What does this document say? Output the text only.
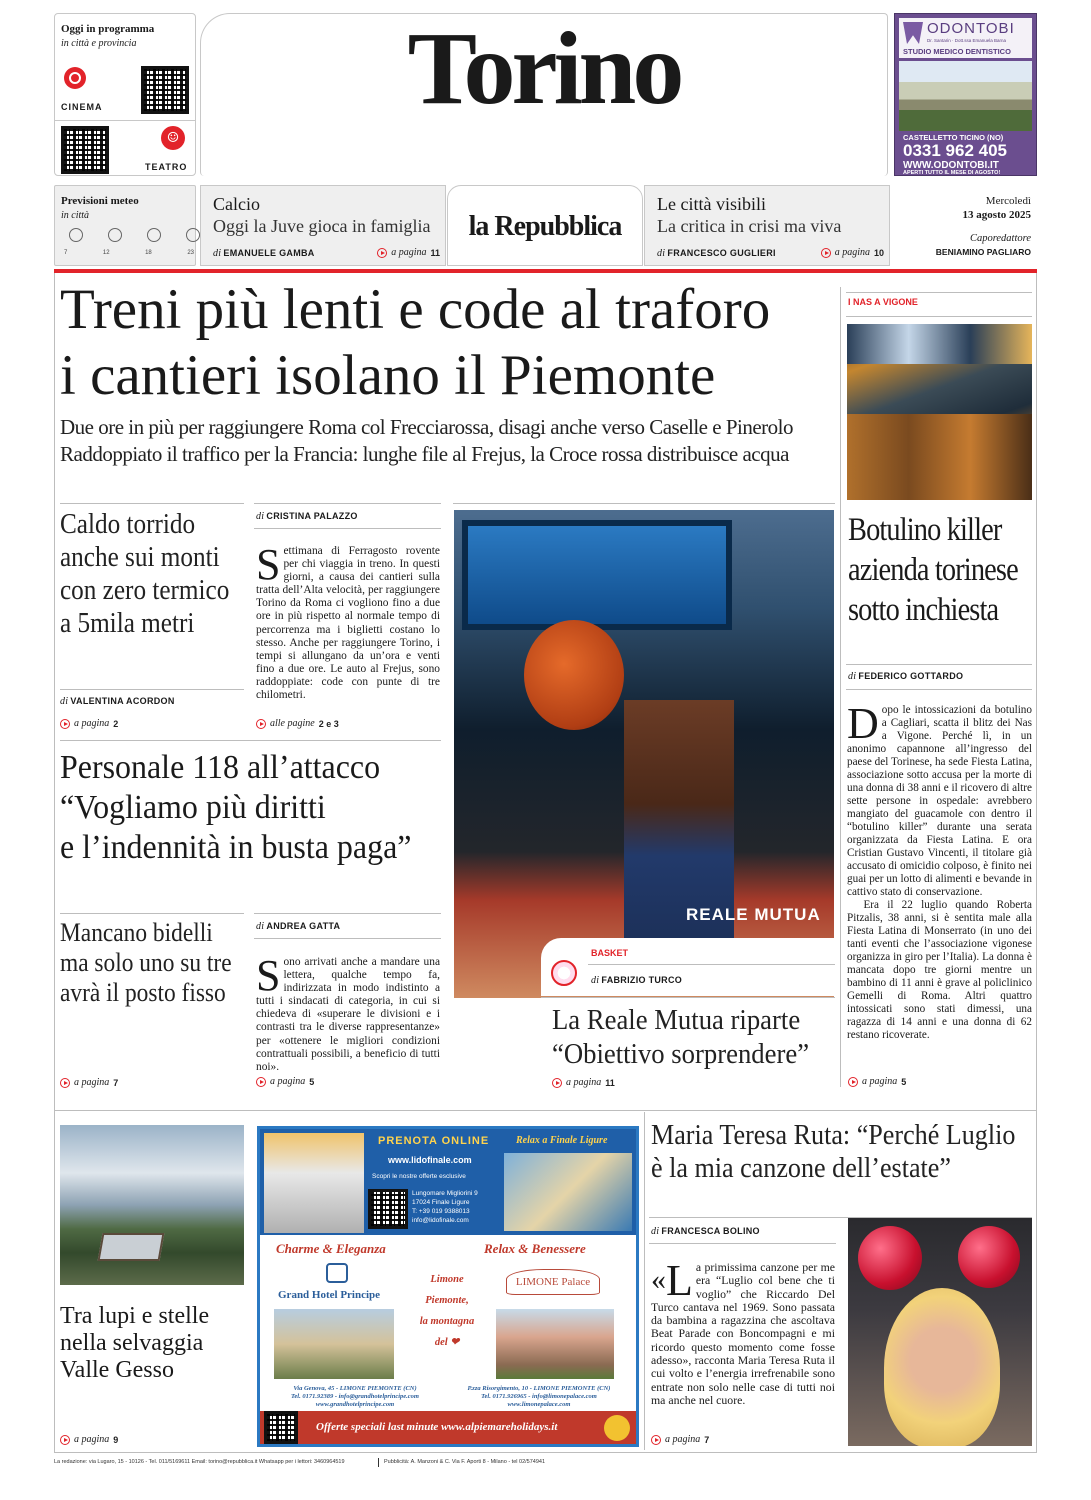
Oggi in programma
in città e provincia
CINEMA
☺
TEATRO
Torino	ODONTOBI
Dr. Santarin · Dott.ssa Emanuela Barna
STUDIO MEDICO DENTISTICO
CASTELLETTO TICINO (NO)
0331 962 405
WWW.ODONTOBI.IT
APERTI TUTTO IL MESE DI AGOSTO!
Previsioni meteo
in città
7	12	18	23
Calcio
Oggi la Juve gioca in famiglia
di EMANUELE GAMBA	a pagina 11
la Repubblica
Le città visibili
La critica in crisi ma viva
di FRANCESCO GUGLIERI	a pagina 10
Mercoledì
13 agosto 2025
Caporedattore
BENIAMINO PAGLIARO
Treni più lenti e code al traforo
i cantieri isolano il Piemonte
Due ore in più per raggiungere Roma col Frecciarossa, disagi anche verso Caselle e Pinerolo
Raddoppiato il traffico per la Francia: lunghe file al Frejus, la Croce rossa distribuisce acqua
I NAS A VIGONE
Botulino killer
azienda torinese
sotto inchiesta
di FEDERICO GOTTARDO
Dopo le intossicazioni da botulino a Cagliari, scatta il blitz dei Nas a Vigone. Perché lì, in un anonimo capannone all’ingresso del paese del Torinese, ha sede Fiesta Latina, associazione sotto accusa per la morte di una donna di 38 anni e il ricovero di altre sette persone in ospedale: avrebbero mangiato del guacamole con dentro il “botulino killer” durante una serata organizzata da Fiesta Latina. E ora Cristian Gustavo Vincenti, il titolare già accusato di omicidio colposo, è finito nei guai per un lotto di alimenti e bevande in cattivo stato di conservazione.
Era il 22 luglio quando Roberta Pitzalis, 38 anni, si è sentita male alla Fiesta Latina di Monserrato (in uno dei tanti eventi che l’associazione vigonese organizza in giro per l’Italia). La donna è mancata dopo tre giorni mentre un bambino di 11 anni è grave al policlinico Gemelli di Roma. Altri quattro intossicati sono stati dimessi, una ragazza di 14 anni e una donna di 62 restano ricoverate.
a pagina 5
Caldo torrido
anche sui monti
con zero termico
a 5mila metri
di VALENTINA ACORDON
a pagina 2
di CRISTINA PALAZZO
Settimana di Ferragosto rovente per chi viaggia in treno. In questi giorni, a causa dei cantieri sulla tratta dell’Alta velocità, per raggiungere Torino da Roma ci vogliono fino a due ore in più rispetto al normale tempo di percorrenza ma i biglietti costano lo stesso. Anche per raggiungere Torino, i tempi si allungano da un’ora e venti fino a due ore. Le auto al Frejus, sono raddoppiate: code con punte di tre chilometri.
alle pagine 2 e 3
Personale 118 all’attacco
“Vogliamo più diritti
e l’indennità in busta paga”
Mancano bidelli
ma solo uno su tre
avrà il posto fisso
a pagina 7
di ANDREA GATTA
Sono arrivati anche a mandare una lettera, qualche tempo fa, indirizzata in modo indistinto a tutti i sindacati di categoria, in cui si chiedeva di «superare le divisioni e i contrasti tra le diverse rappresentanze» per «ottenere le migliori condizioni contrattuali possibili, a beneficio di tutti noi».
a pagina 5
REALE MUTUA
BASKET
di FABRIZIO TURCO
La Reale Mutua riparte
“Obiettivo sorprendere”
a pagina 11
Tra lupi e stelle
nella selvaggia
Valle Gesso
a pagina 9
PRENOTA ONLINE	Relax a Finale Ligure
www.lidofinale.com
Scopri le nostre offerte esclusive
Lungomare Migliorini 9
17024 Finale Ligure
T: +39 019 9388013
info@lidofinale.com
Charme & Eleganza	Relax & Benessere
Grand Hotel Principe
Limone
Piemonte,
la montagna
del ❤
LIMONE Palace
Via Genova, 45 - LIMONE PIEMONTE (CN)
Tel. 0171.92389 - info@grandhotelprincipe.com
www.grandhotelprincipe.com
P.zza Risorgimento, 10 - LIMONE PIEMONTE (CN)
Tel. 0171.926965 - info@limonepalace.com
www.limonepalace.com
Offerte speciali last minute www.alpiemareholidays.it
Maria Teresa Ruta: “Perché Luglio
è la mia canzone dell’estate”
di FRANCESCA BOLINO
« L a primissima canzone per me era “Luglio col bene che ti voglio” che Riccardo Del Turco cantava nel 1969. Sono passata da bambina a ragazzina che ascoltava Beat Parade con Boncompagni e mi ricordo questo momento come fosse adesso», racconta Maria Teresa Ruta il cui volto e l’energia irrefrenabile sono entrate non solo nelle case di tutti noi ma anche nel cuore.
a pagina 7
La redazione: via Lugaro, 15 - 10126 - Tel. 011/5169611 Email: torino@repubblica.it Whatsapp per i lettori: 3460964519	Pubblicità: A. Manzoni & C. Via F. Aporti 8 - Milano - tel 02/574941
